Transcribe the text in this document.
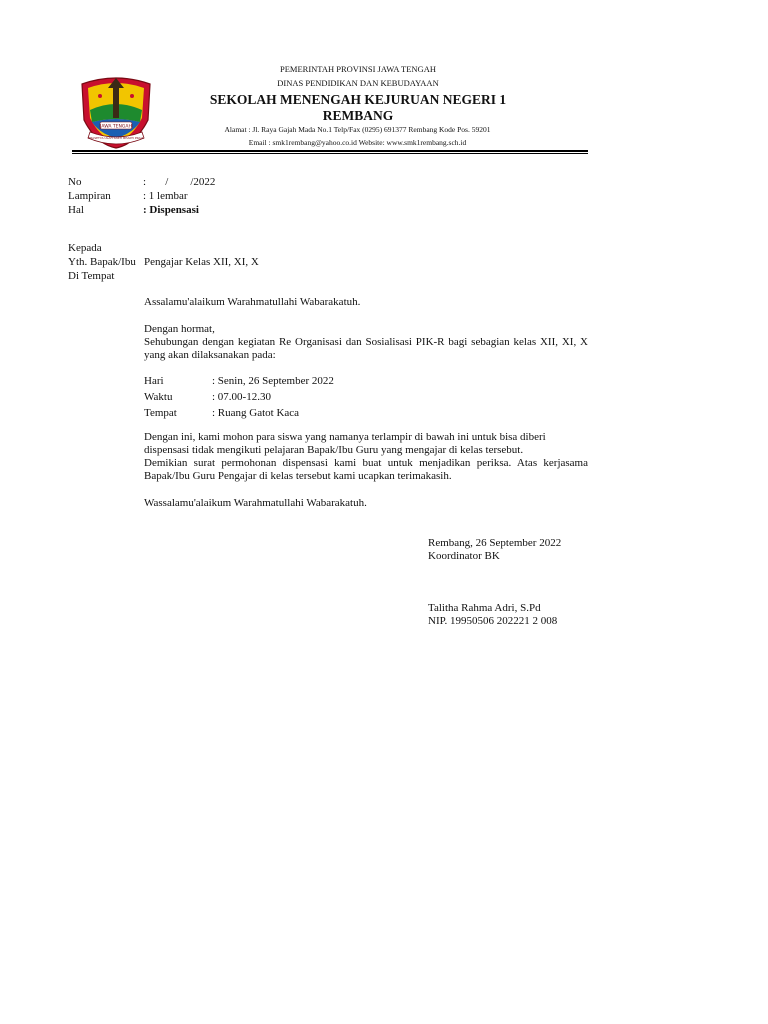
JAWA TENGAH
PRASETYA ULAH SAKTI BHAKTI PRAJA
PEMERINTAH PROVINSI JAWA TENGAH
DINAS PENDIDIKAN DAN KEBUDAYAAN
SEKOLAH MENENGAH KEJURUAN NEGERI 1
REMBANG
Alamat : Jl. Raya Gajah Mada No.1 Telp/Fax (0295) 691377 Rembang Kode Pos. 59201
Email : smk1rembang@yahoo.co.id Website: www.smk1rembang.sch.id
No	:       /        /2022
Lampiran	: 1 lembar
Hal	: Dispensasi
Kepada
Yth. Bapak/Ibu Pengajar Kelas XII, XI, X
Di Tempat
Assalamu'alaikum Warahmatullahi Wabarakatuh.
Dengan hormat,
Sehubungan dengan kegiatan Re Organisasi dan Sosialisasi PIK-R bagi sebagian kelas XII, XI, X
yang akan dilaksanakan pada:
Hari	: Senin, 26 September 2022
Waktu	: 07.00-12.30
Tempat	: Ruang Gatot Kaca
Dengan ini, kami mohon para siswa yang namanya terlampir di bawah ini untuk bisa diberi
dispensasi tidak mengikuti pelajaran Bapak/Ibu Guru yang mengajar di kelas tersebut.
Demikian surat permohonan dispensasi kami buat untuk menjadikan periksa. Atas kerjasama
Bapak/Ibu Guru Pengajar di kelas tersebut kami ucapkan terimakasih.
Wassalamu'alaikum Warahmatullahi Wabarakatuh.
Rembang, 26 September 2022
Koordinator BK
Talitha Rahma Adri, S.Pd
NIP. 19950506 202221 2 008
